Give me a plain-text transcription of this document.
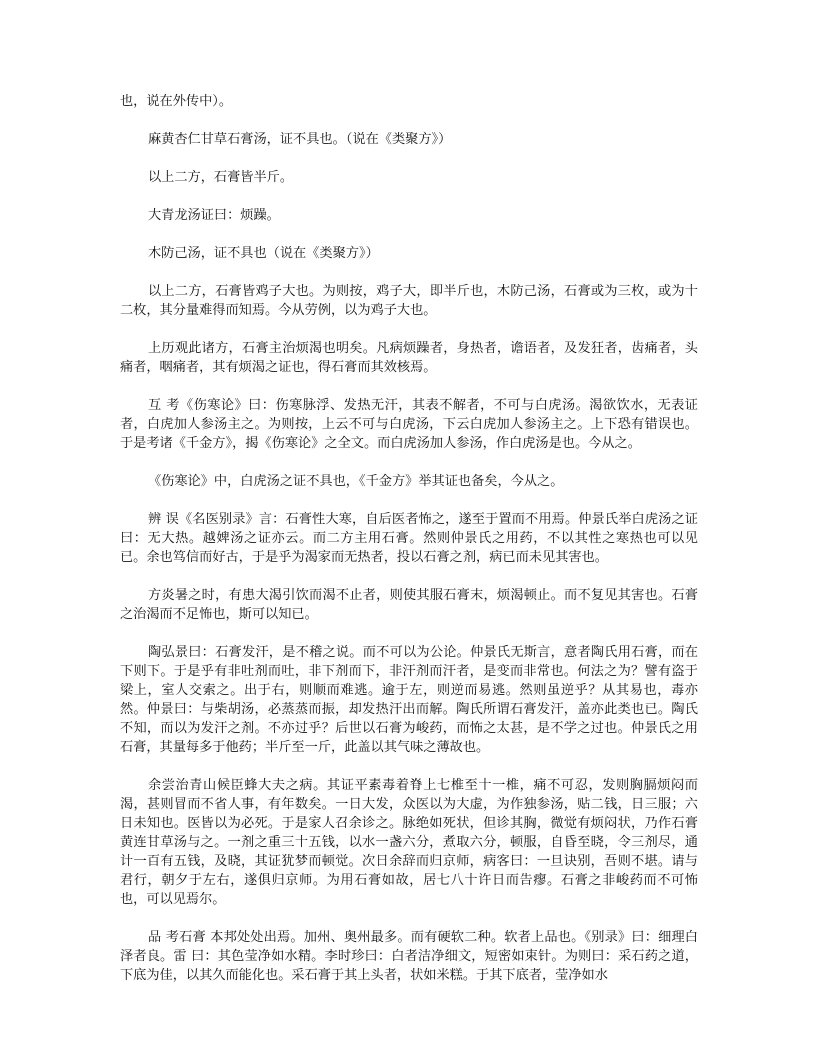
也，说在外传中）。

麻黄杏仁甘草石膏汤，证不具也。（说在《类聚方》）

以上二方，石膏皆半斤。

大青龙汤证曰：烦躁。

木防己汤，证不具也（说在《类聚方》）

以上二方，石膏皆鸡子大也。为则按，鸡子大，即半斤也，木防己汤，石膏或为三枚，或为十二枚，其分量难得而知焉。今从劳例，以为鸡子大也。

上历观此诸方，石膏主治烦渴也明矣。凡病烦躁者，身热者，谵语者，及发狂者，齿痛者，头痛者，咽痛者，其有烦渴之证也，得石膏而其效核焉。

互 考《伤寒论》曰：伤寒脉浮、发热无汗，其表不解者，不可与白虎汤。渴欲饮水，无表证者，白虎加人参汤主之。为则按，上云不可与白虎汤，下云白虎加人参汤主之。上下恐有错误也。于是考诸《千金方》，揭《伤寒论》之全文。而白虎汤加人参汤，作白虎汤是也。今从之。

《伤寒论》中，白虎汤之证不具也，《千金方》举其证也备矣，今从之。

辨 误《名医别录》言：石膏性大寒，自后医者怖之，遂至于置而不用焉。仲景氏举白虎汤之证曰：无大热。越婢汤之证亦云。而二方主用石膏。然则仲景氏之用药，不以其性之寒热也可以见已。余也笃信而好古，于是乎为渴家而无热者，投以石膏之剂，病已而未见其害也。

方炎暑之时，有患大渴引饮而渴不止者，则使其服石膏末，烦渴顿止。而不复见其害也。石膏之治渴而不足怖也，斯可以知已。

陶弘景曰：石膏发汗，是不稽之说。而不可以为公论。仲景氏无斯言，意者陶氏用石膏，而在下则下。于是乎有非吐剂而吐，非下剂而下，非汗剂而汗者，是变而非常也。何法之为？譬有盗于梁上，室人交索之。出于右，则顺而难逃。逾于左，则逆而易逃。然则虽逆乎？从其易也，毒亦然。仲景曰：与柴胡汤，必蒸蒸而振，却发热汗出而解。陶氏所谓石膏发汗，盖亦此类也已。陶氏不知，而以为发汗之剂。不亦过乎？后世以石膏为峻药，而怖之太甚，是不学之过也。仲景氏之用石膏，其量每多于他药；半斤至一斤，此盖以其气味之薄故也。

余尝治青山候臣蜂大夫之病。其证平素毒着脊上七椎至十一椎，痛不可忍，发则胸膈烦闷而渴，甚则冒而不省人事，有年数矣。一日大发，众医以为大虚，为作独参汤，贴二钱，日三服；六日未知也。医皆以为必死。于是家人召余诊之。脉绝如死状，但诊其胸，微觉有烦闷状，乃作石膏黄连甘草汤与之。一剂之重三十五钱，以水一盏六分，煮取六分，顿服，自昏至晓，令三剂尽，通计一百有五钱，及晓，其证犹梦而顿觉。次日余辞而归京师，病客曰：一旦诀别，吾则不堪。请与君行，朝夕于左右，遂俱归京师。为用石膏如故，居七八十许日而告瘳。石膏之非峻药而不可怖也，可以见焉尔。

品 考石膏 本邦处处出焉。加州、奥州最多。而有硬软二种。软者上品也。《别录》曰：细理白泽者良。雷 曰：其色莹净如水精。李时珍曰：白者洁净细文，短密如束针。为则曰：采石药之道，下底为佳，以其久而能化也。采石膏于其上头者，状如米糕。于其下底者，莹净如水
